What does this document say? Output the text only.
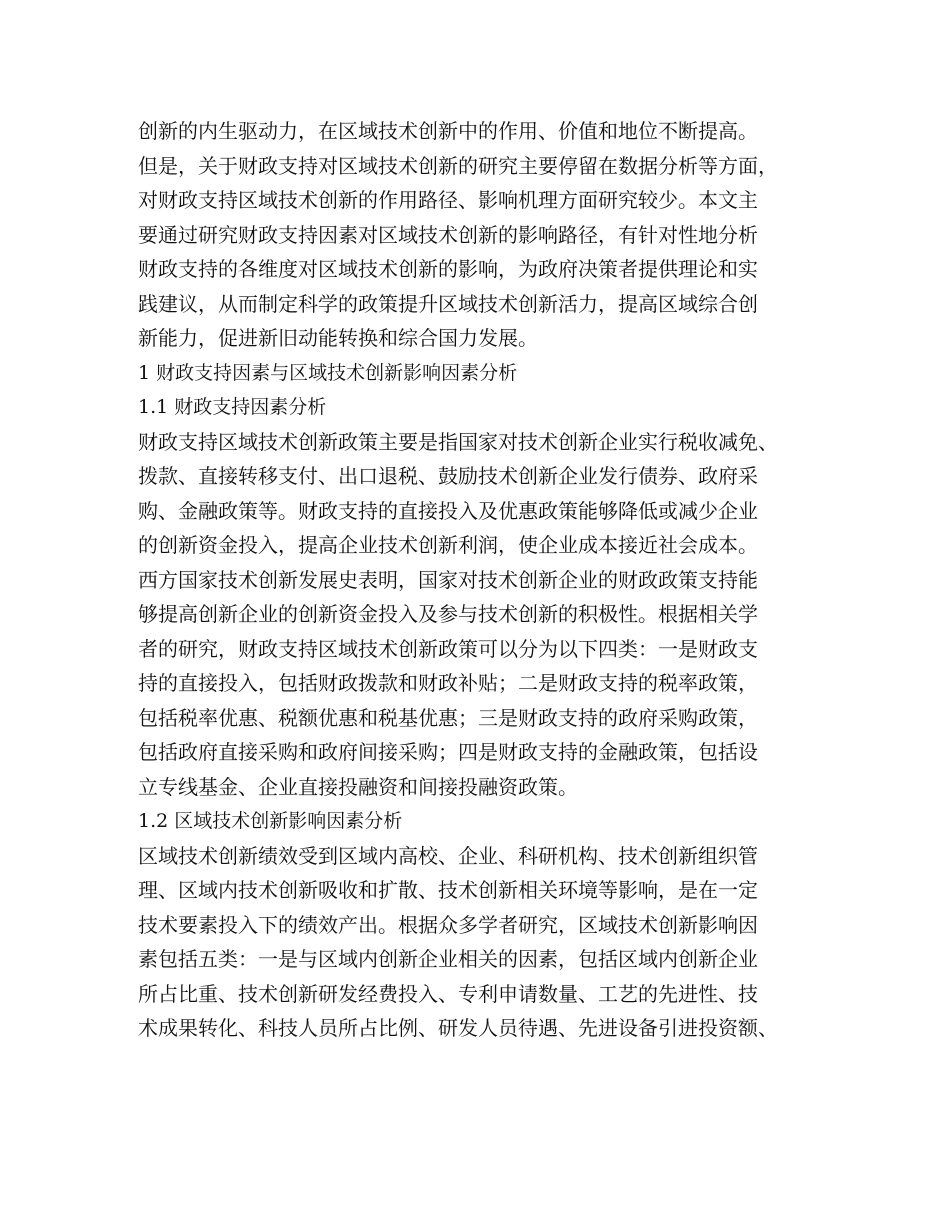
创新的内生驱动力，在区域技术创新中的作用、价值和地位不断提高。
但是，关于财政支持对区域技术创新的研究主要停留在数据分析等方面，
对财政支持区域技术创新的作用路径、影响机理方面研究较少。本文主
要通过研究财政支持因素对区域技术创新的影响路径，有针对性地分析
财政支持的各维度对区域技术创新的影响，为政府决策者提供理论和实
践建议，从而制定科学的政策提升区域技术创新活力，提高区域综合创
新能力，促进新旧动能转换和综合国力发展。
1 财政支持因素与区域技术创新影响因素分析
1.1 财政支持因素分析
财政支持区域技术创新政策主要是指国家对技术创新企业实行税收减免、
拨款、直接转移支付、出口退税、鼓励技术创新企业发行债券、政府采
购、金融政策等。财政支持的直接投入及优惠政策能够降低或减少企业
的创新资金投入，提高企业技术创新利润，使企业成本接近社会成本。
西方国家技术创新发展史表明，国家对技术创新企业的财政政策支持能
够提高创新企业的创新资金投入及参与技术创新的积极性。根据相关学
者的研究，财政支持区域技术创新政策可以分为以下四类：一是财政支
持的直接投入，包括财政拨款和财政补贴；二是财政支持的税率政策，
包括税率优惠、税额优惠和税基优惠；三是财政支持的政府采购政策，
包括政府直接采购和政府间接采购；四是财政支持的金融政策，包括设
立专线基金、企业直接投融资和间接投融资政策。
1.2 区域技术创新影响因素分析
区域技术创新绩效受到区域内高校、企业、科研机构、技术创新组织管
理、区域内技术创新吸收和扩散、技术创新相关环境等影响，是在一定
技术要素投入下的绩效产出。根据众多学者研究，区域技术创新影响因
素包括五类：一是与区域内创新企业相关的因素，包括区域内创新企业
所占比重、技术创新研发经费投入、专利申请数量、工艺的先进性、技
术成果转化、科技人员所占比例、研发人员待遇、先进设备引进投资额、
